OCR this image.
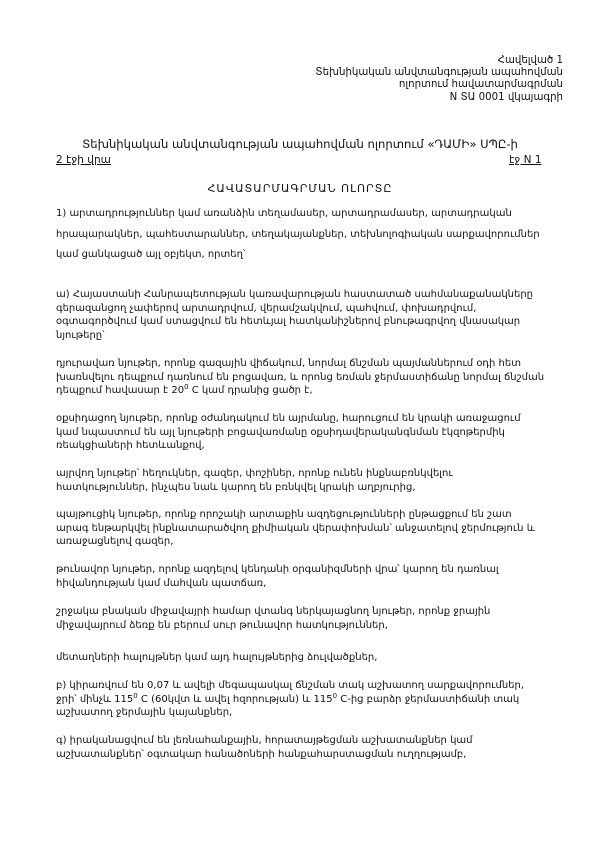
Հավելված 1
Տեխնիկական անվտանգության ապահովման
ոլորտում հավատարմագրման
N ՏԱ 0001 վկայագրի
Տեխնիկական անվտանգության ապահովման ոլորտում «ԴԱՄԻ» ՍՊԸ-ի
2 էջի վրա	էջ N 1
ՀԱՎԱՏԱՐՄԱԳՐՄԱՆ ՈԼՈՐՏԸ
1) արտադրություններ կամ առանձին տեղամասեր, արտադրամասեր, արտադրական
հրապարակներ, պահեստարաններ, տեղակայանքներ, տեխնոլոգիական սարքավորումներ
կամ ցանկացած այլ օբյեկտ, որտեղ՝
ա) Հայաստանի Հանրապետության կառավարության հաստատած սահմանաքանակները
գերազանցող չափերով արտադրվում, վերամշակվում, պահվում, փոխադրվում,
օգտագործվում կամ ստացվում են հետևյալ հատկանիշներով բնութագրվող վնասակար
նյութերը՝
դյուրավառ նյութեր, որոնք գազային վիճակում, նորմալ ճնշման պայմաններում օդի հետ
խառնվելու դեպքում դառնում են բոցավառ, և որոնց եռման ջերմաստիճանը նորմալ ճնշման
դեպքում հավասար է $20^0$ C կամ դրանից ցածր է,
օքսիդացող նյութեր, որոնք օժանդակում են այրմանը, հարուցում են կրակի առաջացում
կամ նպաստում են այլ նյութերի բոցավառմանը օքսիդավերականգնման էկզոթերմիկ
ռեակցիաների հետևանքով,
այրվող նյութեր՝ հեղուկներ, գազեր, փոշիներ, որոնք ունեն ինքնաբռնկվելու
հատկություններ, ինչպես նաև կարող են բռնկվել կրակի աղբյուրից,
պայթուցիկ նյութեր, որոնք որոշակի արտաքին ազդեցությունների ընթացքում են շատ
արագ ենթարկվել ինքնատարածվող քիմիական վերափոխման՝ անջատելով ջերմություն և
առաջացնելով գազեր,
թունավոր նյութեր, որոնք ազդելով կենդանի օրգանիզմների վրա՝ կարող են դառնալ
հիվանդության կամ մահվան պատճառ,
շրջակա բնական միջավայրի համար վտանգ ներկայացնող նյութեր, որոնք ջրային
միջավայրում ձեռք են բերում սուր թունավոր հատկություններ,
մետաղների հալույթներ կամ այդ հալույթներից ձուլվածքներ,
բ) կիրառվում են 0,07 և ավելի մեգապասկալ ճնշման տակ աշխատող սարքավորումներ,
ջրի՝ մինչև $115^0$ C (60կվտ և ավել հզորության) և $115^0$ C-ից բարձր ջերմաստիճանի տակ
աշխատող ջերմային կայանքներ,
գ) իրականացվում են լեռնահանքային, հորատայթեցման աշխատանքներ կամ
աշխատանքներ՝ օգտակար հանածոների հանքահարստացման ուղղությամբ,
